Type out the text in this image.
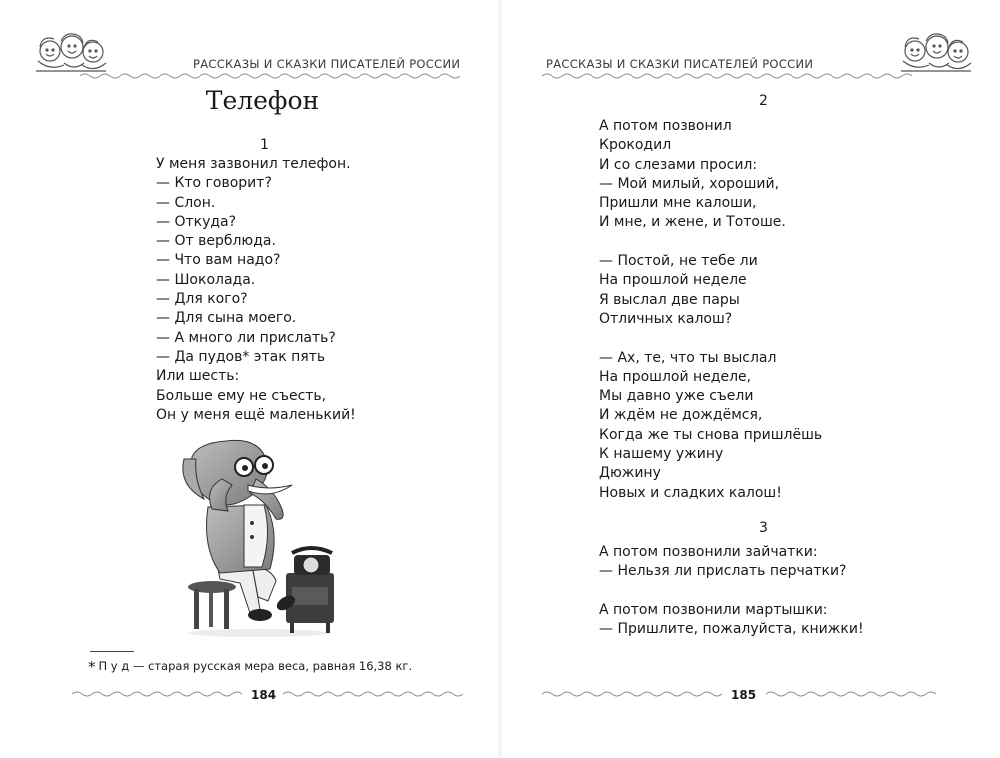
РАССКАЗЫ И СКАЗКИ ПИСАТЕЛЕЙ РОССИИ
Телефон
1
У меня зазвонил телефон.
— Кто говорит?
— Слон.
— Откуда?
— От верблюда.
— Что вам надо?
— Шоколада.
— Для кого?
— Для сына моего.
— А много ли прислать?
— Да пудов* этак пять
Или шесть:
Больше ему не съесть,
Он у меня ещё маленький!
* П у д — старая русская мера веса, равная 16,38 кг.
184
РАССКАЗЫ И СКАЗКИ ПИСАТЕЛЕЙ РОССИИ
2
А потом позвонил
Крокодил
И со слезами просил:
— Мой милый, хороший,
Пришли мне калоши,
И мне, и жене, и Тотоше.
— Постой, не тебе ли
На прошлой неделе
Я выслал две пары
Отличных калош?
— Ах, те, что ты выслал
На прошлой неделе,
Мы давно уже съели
И ждём не дождёмся,
Когда же ты снова пришлёшь
К нашему ужину
Дюжину
Новых и сладких калош!
3
А потом позвонили зайчатки:
— Нельзя ли прислать перчатки?
А потом позвонили мартышки:
— Пришлите, пожалуйста, книжки!
185
